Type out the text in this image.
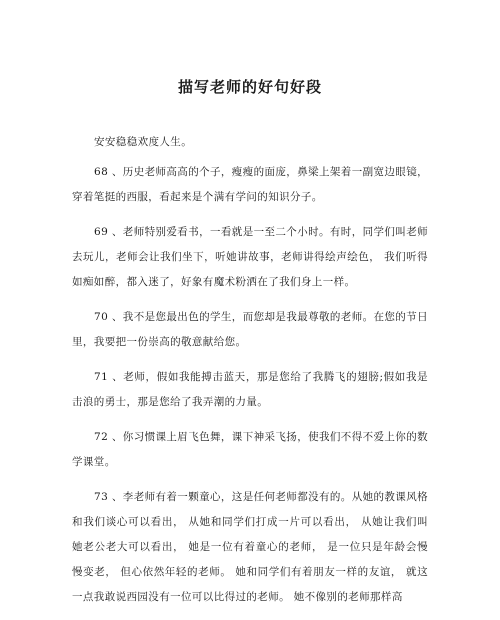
描写老师的好句好段

安安稳稳欢度人生。

68 、历史老师高高的个子，瘦瘦的面庞，鼻梁上架着一副宽边眼镜，穿着笔挺的西服，看起来是个满有学问的知识分子。

69 、老师特别爱看书，一看就是一至二个小时。有时，同学们叫老师去玩儿，老师会让我们坐下，听她讲故事，老师讲得绘声绘色， 我们听得如痴如醉，都入迷了，好象有魔术粉洒在了我们身上一样。

70 、我不是您最出色的学生，而您却是我最尊敬的老师。在您的节日里，我要把一份崇高的敬意献给您。

71 、老师，假如我能搏击蓝天，那是您给了我腾飞的翅膀;假如我是击浪的勇士，那是您给了我弄潮的力量。

72 、你习惯课上眉飞色舞，课下神采飞扬，使我们不得不爱上你的数学课堂。

73 、李老师有着一颗童心，这是任何老师都没有的。从她的教课风格和我们谈心可以看出， 从她和同学们打成一片可以看出， 从她让我们叫她老公老大可以看出， 她是一位有着童心的老师， 是一位只是年龄会慢慢变老， 但心依然年轻的老师。 她和同学们有着朋友一样的友谊， 就这一点我敢说西园没有一位可以比得过的老师。 她不像别的老师那样高
